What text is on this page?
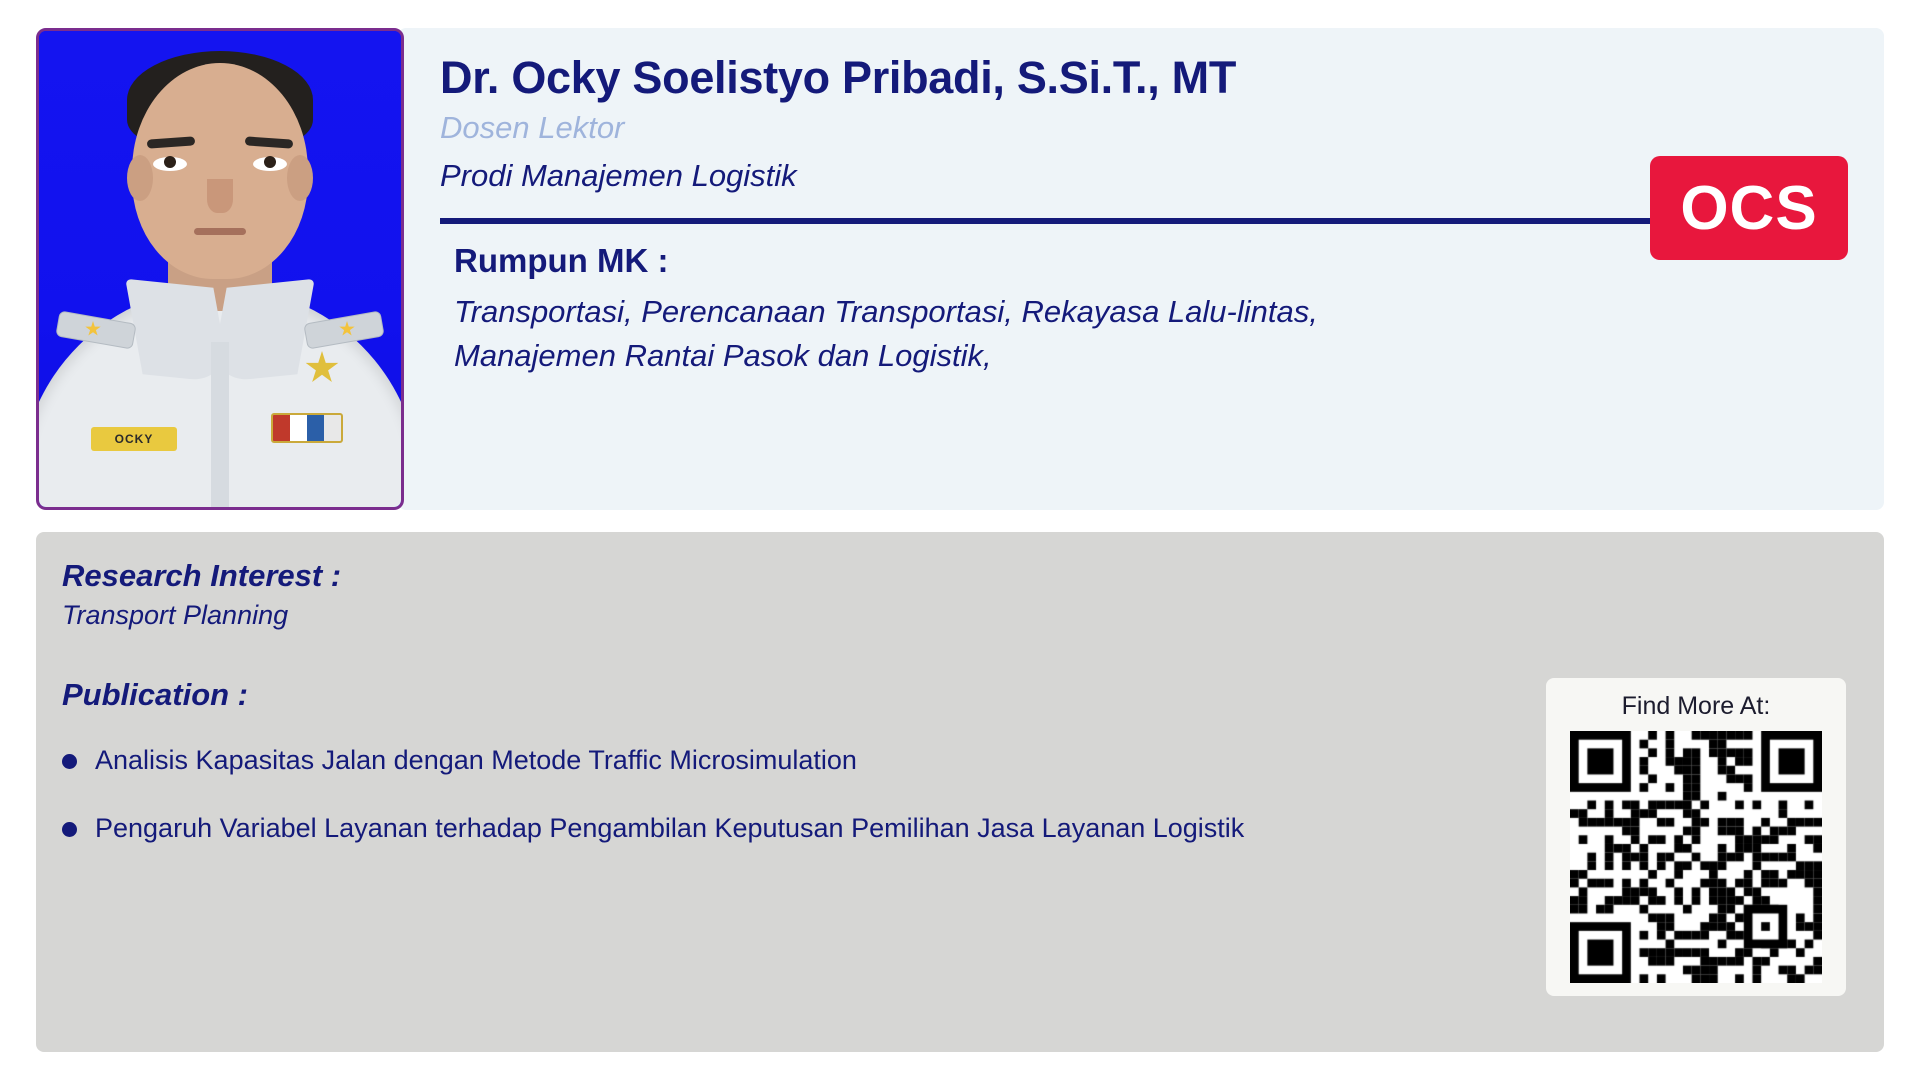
OCKY
Dr. Ocky Soelistyo Pribadi, S.Si.T., MT
Dosen Lektor
Prodi Manajemen Logistik	OCS
Rumpun MK :
Transportasi, Perencanaan Transportasi, Rekayasa Lalu-lintas,
Manajemen Rantai Pasok dan Logistik,
Research Interest :
Transport Planning
Publication :
Analisis Kapasitas Jalan dengan Metode Traffic Microsimulation
Pengaruh Variabel Layanan terhadap Pengambilan Keputusan Pemilihan Jasa Layanan Logistik
Find More At:
